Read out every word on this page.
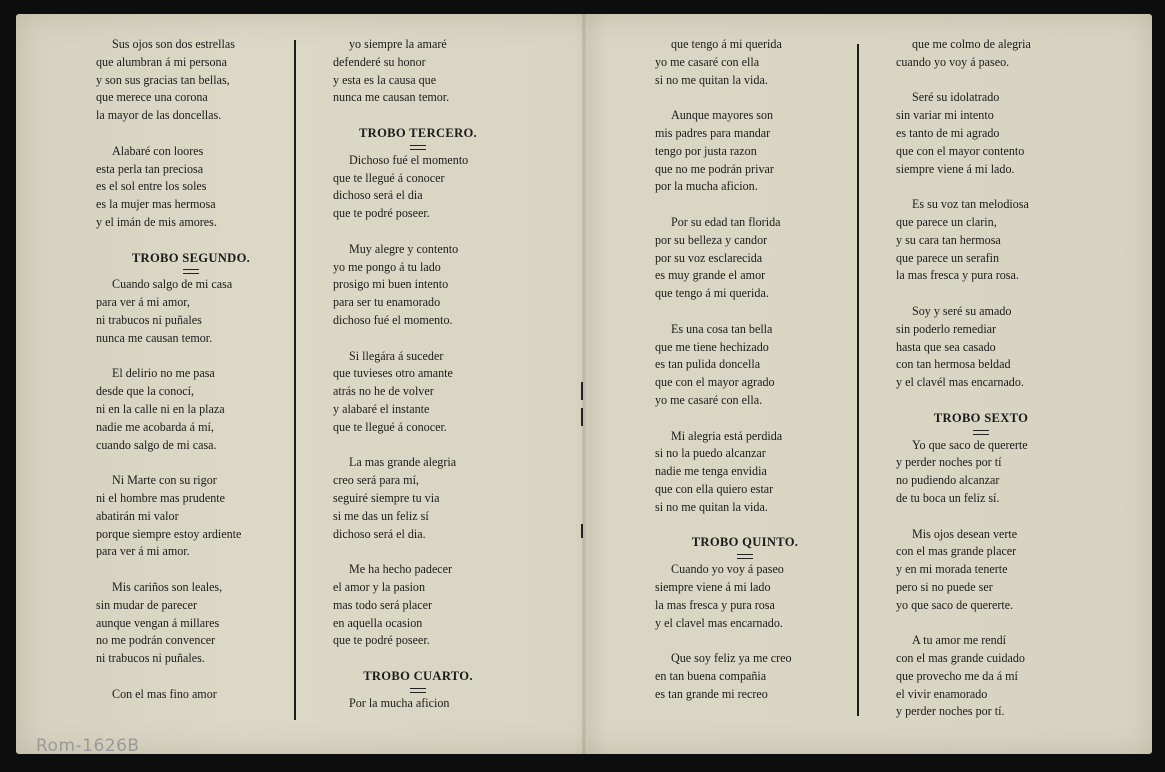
Sus ojos son dos estrellas
que alumbran á mi persona
y son sus gracias tan bellas,
que merece una corona
la mayor de las doncellas.
Alabaré con loores
esta perla tan preciosa
es el sol entre los soles
es la mujer mas hermosa
y el imán de mis amores.
TROBO SEGUNDO.
Cuando salgo de mi casa
para ver á mi amor,
ni trabucos ni puñales
nunca me causan temor.
El delirio no me pasa
desde que la conocí,
ni en la calle ni en la plaza
nadie me acobarda á mí,
cuando salgo de mi casa.
Ni Marte con su rigor
ni el hombre mas prudente
abatirán mi valor
porque siempre estoy ardiente
para ver á mi amor.
Mis cariños son leales,
sin mudar de parecer
aunque vengan á millares
no me podrán convencer
ni trabucos ni puñales.
Con el mas fino amor
yo siempre la amaré
defenderé su honor
y esta es la causa que
nunca me causan temor.
TROBO TERCERO.
Dichoso fué el momento
que te llegué á conocer
dichoso será el dia
que te podré poseer.
Muy alegre y contento
yo me pongo á tu lado
prosigo mi buen intento
para ser tu enamorado
dichoso fué el momento.
Si llegára á suceder
que tuvieses otro amante
atrás no he de volver
y alabaré el instante
que te llegué á conocer.
La mas grande alegria
creo será para mí,
seguiré siempre tu via
si me das un feliz sí
dichoso será el dia.
Me ha hecho padecer
el amor y la pasion
mas todo será placer
en aquella ocasion
que te podré poseer.
TROBO CUARTO.
Por la mucha aficion
que tengo á mi querida
yo me casaré con ella
si no me quitan la vida.
Aunque mayores son
mis padres para mandar
tengo por justa razon
que no me podrán privar
por la mucha aficion.
Por su edad tan florida
por su belleza y candor
por su voz esclarecida
es muy grande el amor
que tengo á mi querida.
Es una cosa tan bella
que me tiene hechizado
es tan pulida doncella
que con el mayor agrado
yo me casaré con ella.
Mi alegria está perdida
si no la puedo alcanzar
nadie me tenga envidia
que con ella quiero estar
si no me quitan la vida.
TROBO QUINTO.
Cuando yo voy á paseo
siempre viene á mi lado
la mas fresca y pura rosa
y el clavel mas encarnado.
Que soy feliz ya me creo
en tan buena compañia
es tan grande mi recreo
que me colmo de alegria
cuando yo voy á paseo.
Seré su idolatrado
sin variar mi intento
es tanto de mi agrado
que con el mayor contento
siempre viene á mi lado.
Es su voz tan melodiosa
que parece un clarin,
y su cara tan hermosa
que parece un serafin
la mas fresca y pura rosa.
Soy y seré su amado
sin poderlo remediar
hasta que sea casado
con tan hermosa beldad
y el clavél mas encarnado.
TROBO SEXTO
Yo que saco de quererte
y perder noches por tí
no pudiendo alcanzar
de tu boca un feliz sí.
Mis ojos desean verte
con el mas grande placer
y en mi morada tenerte
pero si no puede ser
yo que saco de quererte.
A tu amor me rendí
con el mas grande cuidado
que provecho me da á mí
el vivir enamorado
y perder noches por tí.
Rom-1626B
